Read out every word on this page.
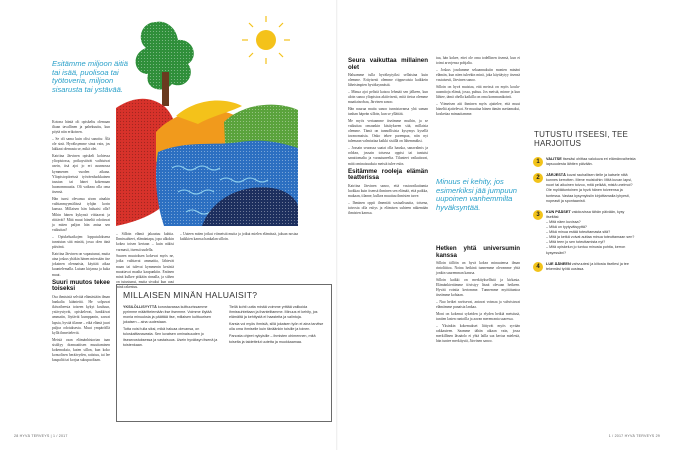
Esitämme miljoon äitiä tai isää, puolisoa tai työtoveria, miljoon sisarusta tai ystävää.

Kotona häntä oli opiskeltu olemaan iltaan tavallinen ja pahekuuttu, kun pöytä niin erikoinen.

– Se oli sama kuin olisi sanottu: Älä ole sinä. Hyväksymme sinut vain, jos lakkaat olemasta se, mikä olet.

Katriina Järvinen opiskeli kohtessa yliopistossa, poikaystävät vaihtuivat usein, itsä ajoi jo eri asunnossa kymmenen vuoden aikana. Yliopistopiireissä työväenluokkainen taustan tai hänet kokemaan huonommuutta. Oli vaikeaa olla oma itsensä.

Hän tunsi olevansa aivan ainakin vaihtanmyymälässä tyhjän korin kanssa. Millaisen hän haluaisi olla? Mihin hänen kykynsä viittaavat ja riittävät? Mitä muut häneltä odottavat ja miten paljon hän antaa sen vaikuttaa?

– Opiskeluaikojen: lopputuloksena tunnistan sitä minää, jossa olen tänä päivänä.

Katriina Järvinen on vapautunut, mutta aina joskus yhäkin hänen miessään itse jokainen olennaisia, käyttää aikaa kuuntelemalla. Lutaan kirjansa ja kuka muut.

Suuri muutos tekee toiseksi

Osa ihmisistä selviää elämästään ilman hankalia käänteitä. He solpuvat ikävaiheesta toiseen kykyt kouluun, ystävystyvät, opiskelevat, hankkivat ammatin, löytävät kumppanin, saavat lapsia, hyvää tilanne – eikä elämä juuri paljoa odotuksesta. Muut ympäröillä kyllä ihmetteleviä.

Meistä osan elämänhistorian taan sisältyy dramaattisen muuttaminen kokemuksia, kuten sillon, kun koko konsolisen heräävyden, ratistuu, tai lee kaupaltä tai korjaa sukupuoltaan.

– Silloin elämä jakautuu kahtia. Ihmissuhteet, elämäntapa, jopa ulkokin kokea toisen kertaan – kuin näkisi varmasti, itsensä uudella.

Suuren muutoksen kokevat myös ne, jotka vaihtavat ammattia, lähtevät maan tai tulevat kymmenin kesästä muuttavat maalta kaupunkiin. Entinen minä kulkee pitkään rinnalla, ja siihen on tutustunut, mutta sivuksi kun uusi minä rakentuu.

– Uuteen miten jotkut viimeistä mutta ja jotkut mielen elämässä, jaksan nostaa kaikkien kanssa hankalan silloin.

MILLAISEN MINÄN HALUAISIT?

YKSILÖLLISYYTTÄ korostavassa kulttuurissamme pyrimme määrittelemään itse itsemme. Voimme löytää monia minuuksia ja päättää itse, millaisen kulttuurisen jokaisen – aina uudestaan.

Totta voisi tulla siksi, mikä haluaa olevansa, on tuloskalttanavasta. Sen luvatsen ominaisuuden jo itsearvostuksessa ja vastaisuus. Usein hyväksyn itsenä ja toistenkaan.

Tiellä kohti uutta minää voimme yrittää valikoida ihmissuhteitaan ja ihanteiltamme. Minuus ei kehity, jos elämältä ja kehitystä ei haasteita ja valintoja.

Karsia voi myös ihmisiä, sillä jokaisen työn ei aina tarvitse olla oma ihmiselle kuin tänäänkin toisille ja toinen.

Panosta ohjeet nykyisille – ihmisten ohimennen, mitä toiselta ja taidettelut uutetta ja muokkaamaa.

28 HYVÄ TERVEYS | 1 / 2017
Seura vaikuttaa millainen olet

Haluamme tulla hyväksytyiksi sellaisina kuin olemme. Erityisesti olemme riippuvaisia kaikkein läheisimpien hyväksynnästä.

– Minua ajoi pelistä katsoa lehmää sen jälkeen, kun aloin sanoa yliopistoa aktiivisesti, mitä tietoa olemme maatiaisrobaa, Järvinen sanoo.

Hän naurua mutta sanoo tunnistavansa yhä saman tanhan häpeän silloin, kun se yllättää.

Me myös vertaamme itseämme muihin, ja se vaikuttaa omaankin käsitykseen sitä, millaisia olemme. Tämä on tunnollisista kysymys kysellä tavanomaisia. Onko tekee parempaa, niin nyt tulemaan valmiuttaa kaikki sisällä on lähemmäksi.

– Jossain seurassa saatat olla hauska, sanavalmis ja rohkea, jossain toisessa oppisi tai tuntuisi sanattomalta ja varautuneelta. Tilanteet vaikuttavat, mitä ominaisuuksia meistä tulee esiin.

Esitämme rooleja elämän teatterissa

Katriina Järvinen sanoo, että vastavaikuttamia luokkaa kuin itsensä ihminen sen elämää, että paikka, mukaan, tilanne, kulkea muuttuu ihmisten tarve.

– Ihminen oppii ilmentää sosiaalisuutta, toisena, taivosta olla esitys ja elämisen suhteen näkemään ihmisten kanssa.

tua, hän kokee, ettei ole oma todellinen itsensä, kun ei toimi arvojensa pohjalta.

– Joskus joudumme sekaannuksiin monien minäni elämän, kun näen tuleekin minä, joka käyttäytyy itsensä vastaisesti, Järvinen sanoo.

Silloin on hyvä muistaa, että meissä on myös koulu-uusmitoja elämä, jossa, puhuu. Jos meistä, minne ja kun lähtee, tämä ohella kaikilla on oma kommunikointi.

– Viimeisen aiti ihminen myös ajattelee, että muut häneltä ajattelevat. Se muuttaa hänen tämän asettamaksi, koskettaa minuuttamme.

Minuus ei kehity, jos esimerkiksi jää jumpuun uupoinen vanhemmilta hyväksyntää.
Hetken yhtä universumin kanssa

Silloin tällöin on hyvä kokea minuutensa ilman rintoliittoa. Noina hetkinä tunnemme olevamme yhtä jonkin suuremman kanssa.

Silloin kaikki on merkityksellistä ja kirkasta. Elämänkiertämme tiivistyy läsnä olevaan hetkeen. Hyvää vointia kertomme. Tunnemme myötätuntoa itseämme kohtaan.

– Nuo hetket ravitsevat, antavat voimaa ja vahvistavat elämämme punaista lankaa.

Moni on kokenut sykeiden ja elyden hetkiä metsässä, tuntien lasten rantoilla ja aavan merenranta saaressa.

– Yksinkin kokemukset liittyvät myös syvään rakkauteen. Saamme tähän aikaan vain, jossa merkillinen läsnäolo ei yhtä lailla saa kertoa mielestä, hän tuntee merkitystä, Järvinen sanoo.

TUTUSTU ITSEESI, TEE HARJOITUS
1	VALITSE itsesäsi ohittaa valokuva eri elämänvaiheista lapsuudesta lähtien päivään.
2	JÄRJESTÄ kuvat rauhallisen tielle ja katsele niitä kunnes kerrotten. Mene muistoihin: Mitä kuvan lapsi, nuori tai aikuinen toivoo, mitä pelkää, mistä unelmoi? Ole myötätuntoinen ja hyvä hänen toiveensa ja tuntessa. Vastaa kysymyksiin kirjoittamalla lyhyesti, nopeasti ja spontaanisti.
3	KUN PÄÄSET valokuvissa tähän päivään, kysy itseltäsi:
– Mitä näen kuvissa?
– Mikä on tyytyväisyyttä?
– Mikä minua estää toteuttamasta sitä?
– Mitä ja ketkä voivat auttaa minua toteuttamaan sen?
– Mitä teen jo sen toteuttamista nyt?
– Mitä opiskelun jo tuntuu minusta pohtia, kerron kysyessäni?
4	LUE ÄÄNEEN vahvuutesi ja kiitosta itsellesi ja tee tekemäsi työtä uusissa.
1 / 2017 HYVÄ TERVEYS 29
